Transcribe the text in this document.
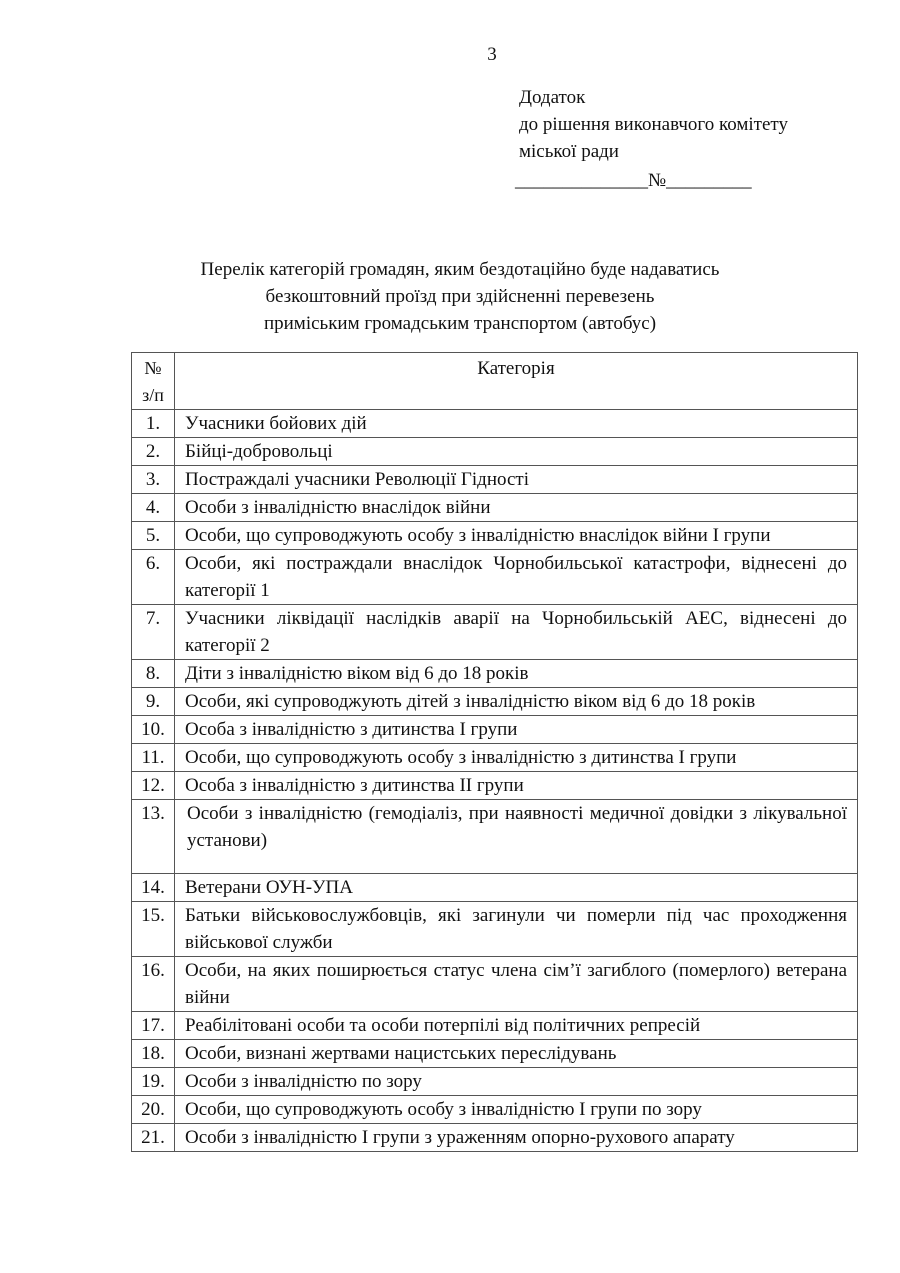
3
Додаток
до рішення виконавчого комітету
міської ради
______________№_________
Перелік категорій громадян, яким бездотаційно буде надаватись
безкоштовний проїзд при здійсненні перевезень
приміським громадським транспортом (автобус)
№
з/п	Категорія
1.	Учасники бойових дій
2.	Бійці-добровольці
3.	Постраждалі учасники Революції Гідності
4.	Особи з інвалідністю внаслідок війни
5.	Особи, що супроводжують особу з інвалідністю внаслідок війни І групи
6.	Особи, які постраждали внаслідок Чорнобильської катастрофи, віднесені до категорії 1
7.	Учасники ліквідації наслідків аварії на Чорнобильській АЕС, віднесені до категорії 2
8.	Діти з інвалідністю віком від 6 до 18 років
9.	Особи, які супроводжують дітей з інвалідністю віком від 6 до 18 років
10.	Особа з інвалідністю з дитинства І групи
11.	Особи, що супроводжують особу з інвалідністю з дитинства І групи
12.	Особа з інвалідністю з дитинства ІІ групи
13.	Особи з інвалідністю (гемодіаліз, при наявності медичної довідки з лікувальної установи)
14.	Ветерани ОУН-УПА
15.	Батьки військовослужбовців, які загинули чи померли під час проходження військової служби
16.	Особи, на яких поширюється статус члена сім’ї загиблого (померлого) ветерана війни
17.	Реабілітовані особи та особи потерпілі від політичних репресій
18.	Особи, визнані жертвами нацистських переслідувань
19.	Особи з інвалідністю по зору
20.	Особи, що супроводжують особу з інвалідністю І групи по зору
21.	Особи з інвалідністю І групи з ураженням опорно-рухового апарату
